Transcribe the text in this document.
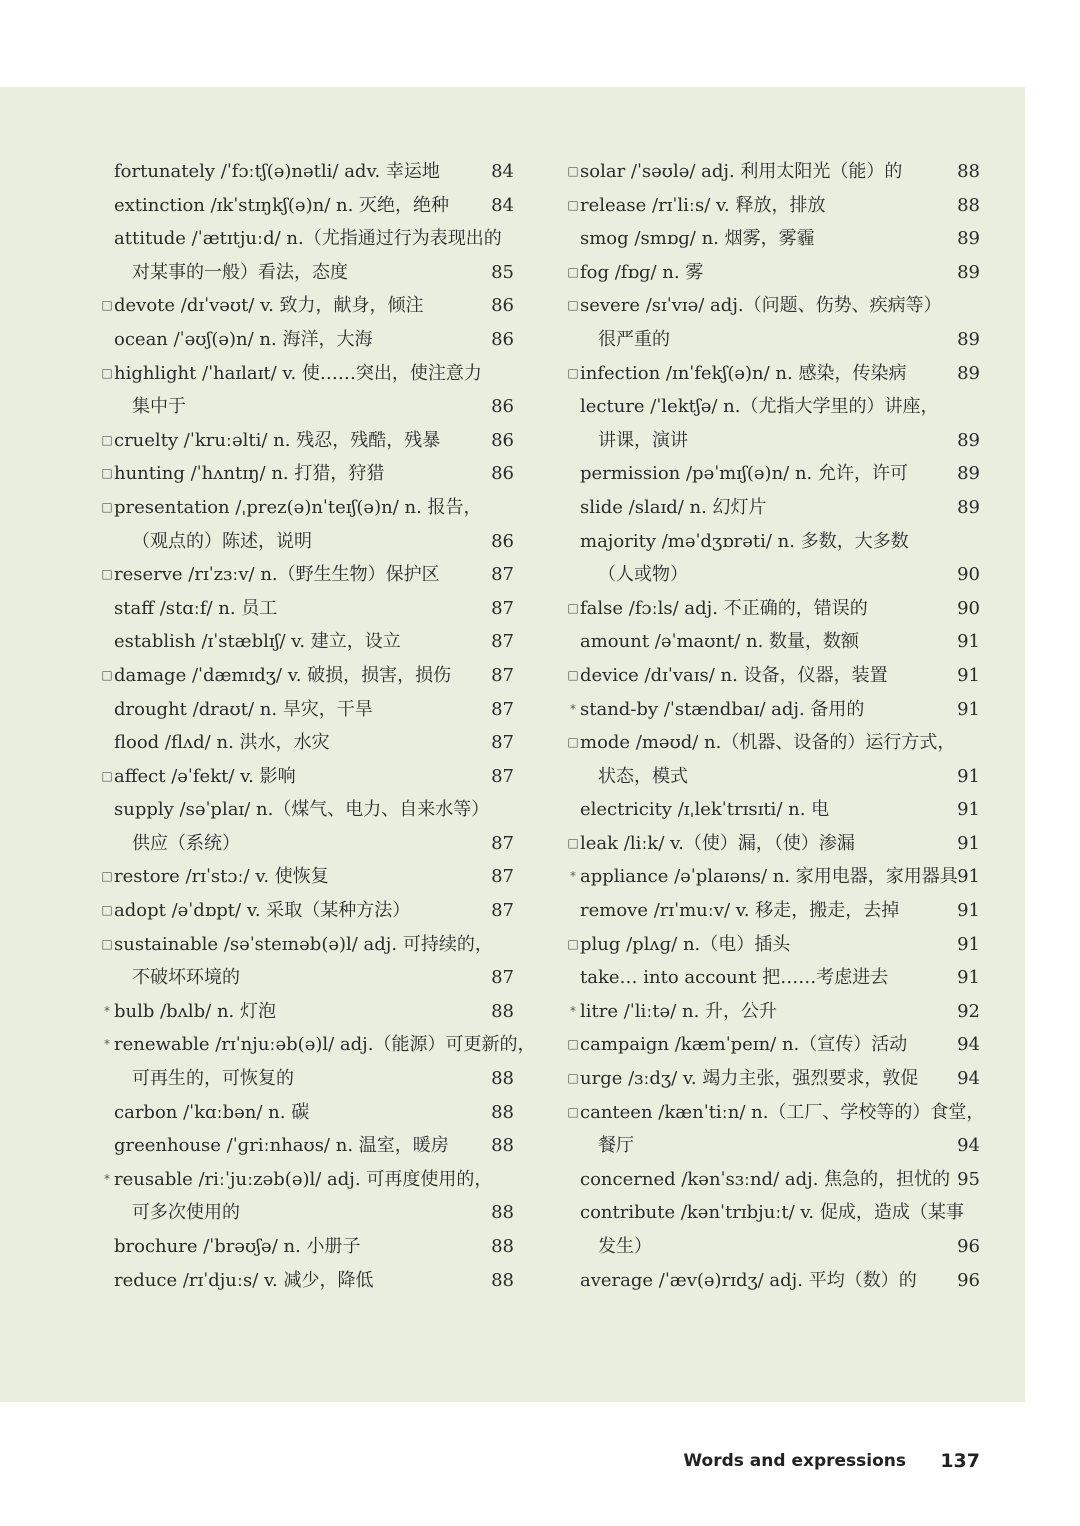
fortunately /ˈfɔːtʃ(ə)nətli/ adv. 幸运地	84
extinction /ɪkˈstɪŋkʃ(ə)n/ n. 灭绝，绝种 84
attitude /ˈætɪtjuːd/ n.（尤指通过行为表现出的
对某事的一般）看法，态度	85
□ devote /dɪˈvəʊt/ v. 致力，献身，倾注	86
ocean /ˈəʊʃ(ə)n/ n. 海洋，大海	86
□ highlight /ˈhaɪlaɪt/ v. 使……突出，使注意力
集中于	86
□ cruelty /ˈkruːəlti/ n. 残忍，残酷，残暴	86
□ hunting /ˈhʌntɪŋ/ n. 打猎，狩猎	86
□ presentation /ˌprez(ə)nˈteɪʃ(ə)n/ n. 报告，
（观点的）陈述，说明	86
□ reserve /rɪˈzɜːv/ n.（野生生物）保护区	87
staff /stɑːf/ n. 员工	87
establish /ɪˈstæblɪʃ/ v. 建立，设立	87
□ damage /ˈdæmɪdʒ/ v. 破损，损害，损伤 87
drought /draʊt/ n. 旱灾，干旱	87
flood /flʌd/ n. 洪水，水灾	87
□ affect /əˈfekt/ v. 影响	87
supply /səˈplaɪ/ n.（煤气、电力、自来水等）
供应（系统）	87
□ restore /rɪˈstɔː/ v. 使恢复	87
□ adopt /əˈdɒpt/ v. 采取（某种方法）	87
□ sustainable /səˈsteɪnəb(ə)l/ adj. 可持续的，
不破坏环境的	87
* bulb /bʌlb/ n. 灯泡	88
* renewable /rɪˈnjuːəb(ə)l/ adj.（能源）可更新的，
可再生的，可恢复的	88
carbon /ˈkɑːbən/ n. 碳	88
greenhouse /ˈɡriːnhaʊs/ n. 温室，暖房 88
* reusable /riːˈjuːzəb(ə)l/ adj. 可再度使用的，
可多次使用的	88
brochure /ˈbrəʊʃə/ n. 小册子	88
reduce /rɪˈdjuːs/ v. 减少，降低	88
□ solar /ˈsəʊlə/ adj. 利用太阳光（能）的	88
□ release /rɪˈliːs/ v. 释放，排放	88
smog /smɒɡ/ n. 烟雾，雾霾	89
□ fog /fɒɡ/ n. 雾	89
□ severe /sɪˈvɪə/ adj.（问题、伤势、疾病等）
很严重的	89
□ infection /ɪnˈfekʃ(ə)n/ n. 感染，传染病	89
lecture /ˈlektʃə/ n.（尤指大学里的）讲座，
讲课，演讲	89
permission /pəˈmɪʃ(ə)n/ n. 允许，许可	89
slide /slaɪd/ n. 幻灯片	89
majority /məˈdʒɒrəti/ n. 多数，大多数
（人或物）	90
□ false /fɔːls/ adj. 不正确的，错误的	90
amount /əˈmaʊnt/ n. 数量，数额	91
□ device /dɪˈvaɪs/ n. 设备，仪器，装置	91
* stand-by /ˈstændbaɪ/ adj. 备用的	91
□ mode /məʊd/ n.（机器、设备的）运行方式，
状态，模式	91
electricity /ɪˌlekˈtrɪsɪti/ n. 电	91
□ leak /liːk/ v.（使）漏，（使）渗漏	91
* appliance /əˈplaɪəns/ n. 家用电器，家用器具 91
remove /rɪˈmuːv/ v. 移走，搬走，去掉	91
□ plug /plʌɡ/ n.（电）插头	91
take… into account 把……考虑进去	91
* litre /ˈliːtə/ n. 升，公升	92
□ campaign /kæmˈpeɪn/ n.（宣传）活动	94
□ urge /ɜːdʒ/ v. 竭力主张，强烈要求，敦促 94
□ canteen /kænˈtiːn/ n.（工厂、学校等的）食堂，
餐厅	94
concerned /kənˈsɜːnd/ adj. 焦急的，担忧的 95
contribute /kənˈtrɪbjuːt/ v. 促成，造成（某事
发生）	96
average /ˈæv(ə)rɪdʒ/ adj. 平均（数）的 96
Words and expressions 137
